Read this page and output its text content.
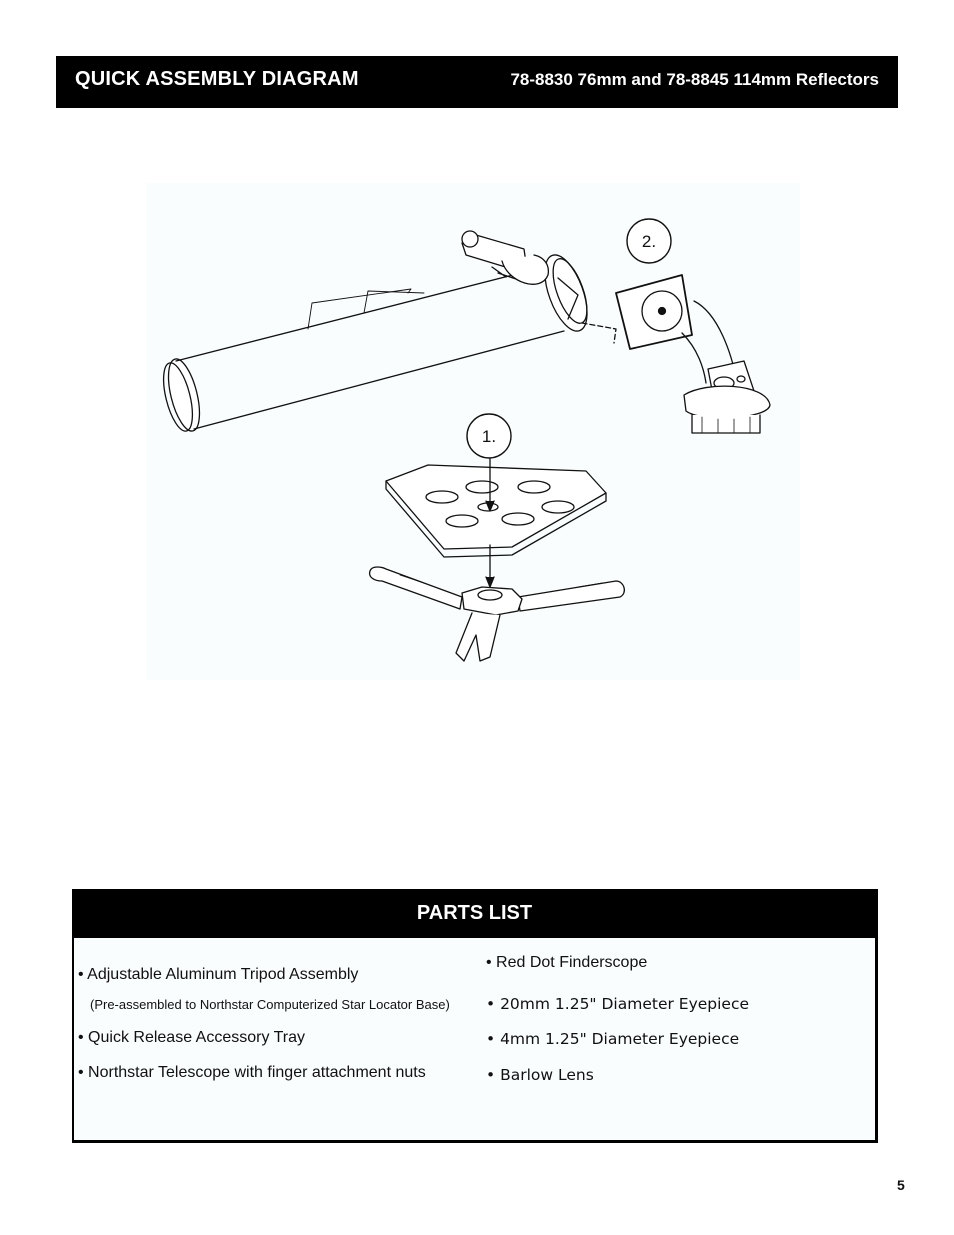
QUICK ASSEMBLY DIAGRAM	78-8830 76mm and 78-8845 114mm Reflectors
1.
2.
PARTS LIST
• Adjustable Aluminum Tripod Assembly
(Pre-assembled to Northstar Computerized Star Locator Base)
• Quick Release Accessory Tray
• Northstar Telescope with finger attachment nuts
• Red Dot Finderscope
• 20mm 1.25" Diameter Eyepiece
• 4mm 1.25" Diameter Eyepiece
• Barlow Lens
5
